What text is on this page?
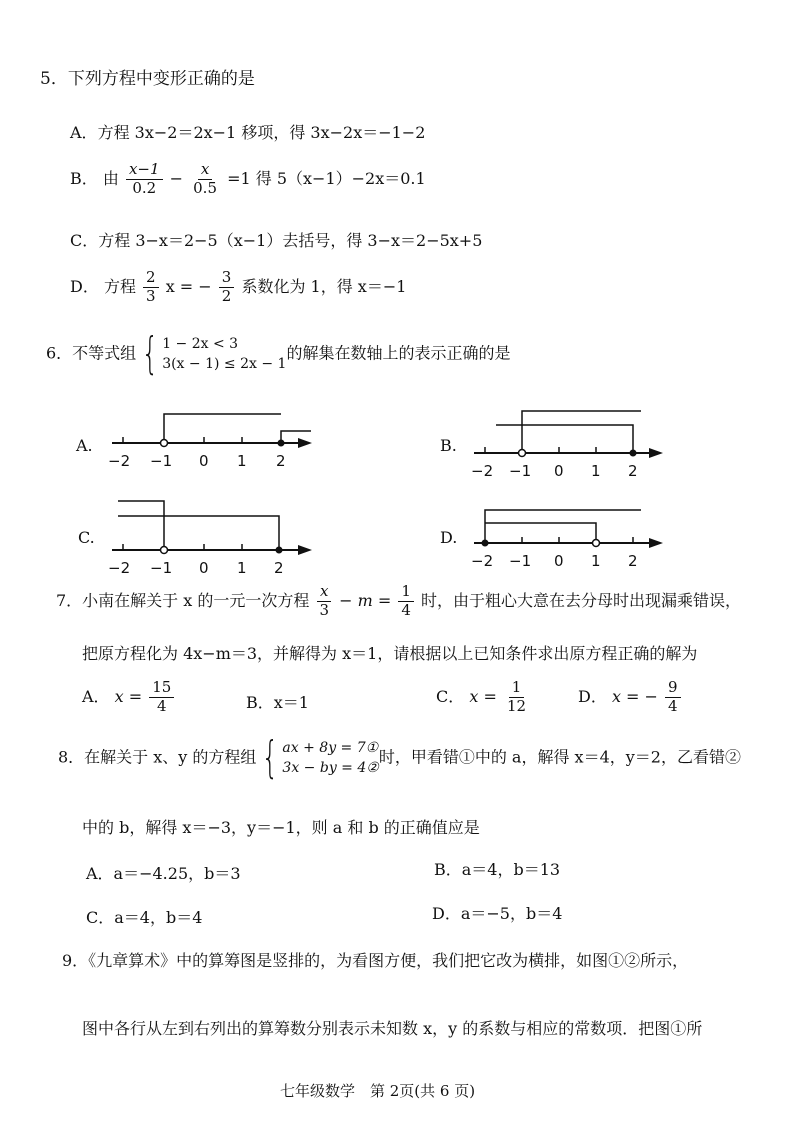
5．下列方程中变形正确的是
A．方程 3x−2＝2x−1 移项，得 3x−2x＝−1−2
B． 由 $\frac{x-1}{0.2} - \frac{x}{0.5} =1$ 得 5（x−1）−2x＝0.1
C．方程 3−x＝2−5（x−1）去括号，得 3−x＝2−5x+5
D． 方程 $\frac{2}{3}$ x = − $\frac{3}{2}$ 系数化为 1，得 x＝−1
6．不等式组 { 1 − 2x < 3
3(x − 1) ≤ 2x − 1
的解集在数轴上的表示正确的是
A.
−2 −1 0 1 2
B.
−2 −1 0 1 2
C.
−2 −1 0 1 2
D.
−2 −1 0 1 2
7．小南在解关于 x 的一元一次方程 $\frac{x}{3} - m = \frac{1}{4}$ 时，由于粗心大意在去分母时出现漏乘错误，
把原方程化为 4x−m＝3，并解得为 x＝1，请根据以上已知条件求出原方程正确的解为
A． $x = \frac{15}{4}$	B．x＝1	C． $x = \frac{1}{12}$	D． x = − $\frac{9}{4}$
8．在解关于 x、y 的方程组 { ax + 8y = 7①
3x − by = 4②
时，甲看错①中的 a，解得 x＝4，y＝2，乙看错②
中的 b，解得 x＝−3，y＝−1，则 a 和 b 的正确值应是
A．a＝−4.25，b＝3	B．a＝4，b＝13
C．a＝4，b＝4	D．a＝−5，b＝4
9．《九章算术》中的算筹图是竖排的，为看图方便，我们把它改为横排，如图①②所示，
图中各行从左到右列出的算筹数分别表示未知数 x，y 的系数与相应的常数项．把图①所
七年级数学　第 2页(共 6 页)
